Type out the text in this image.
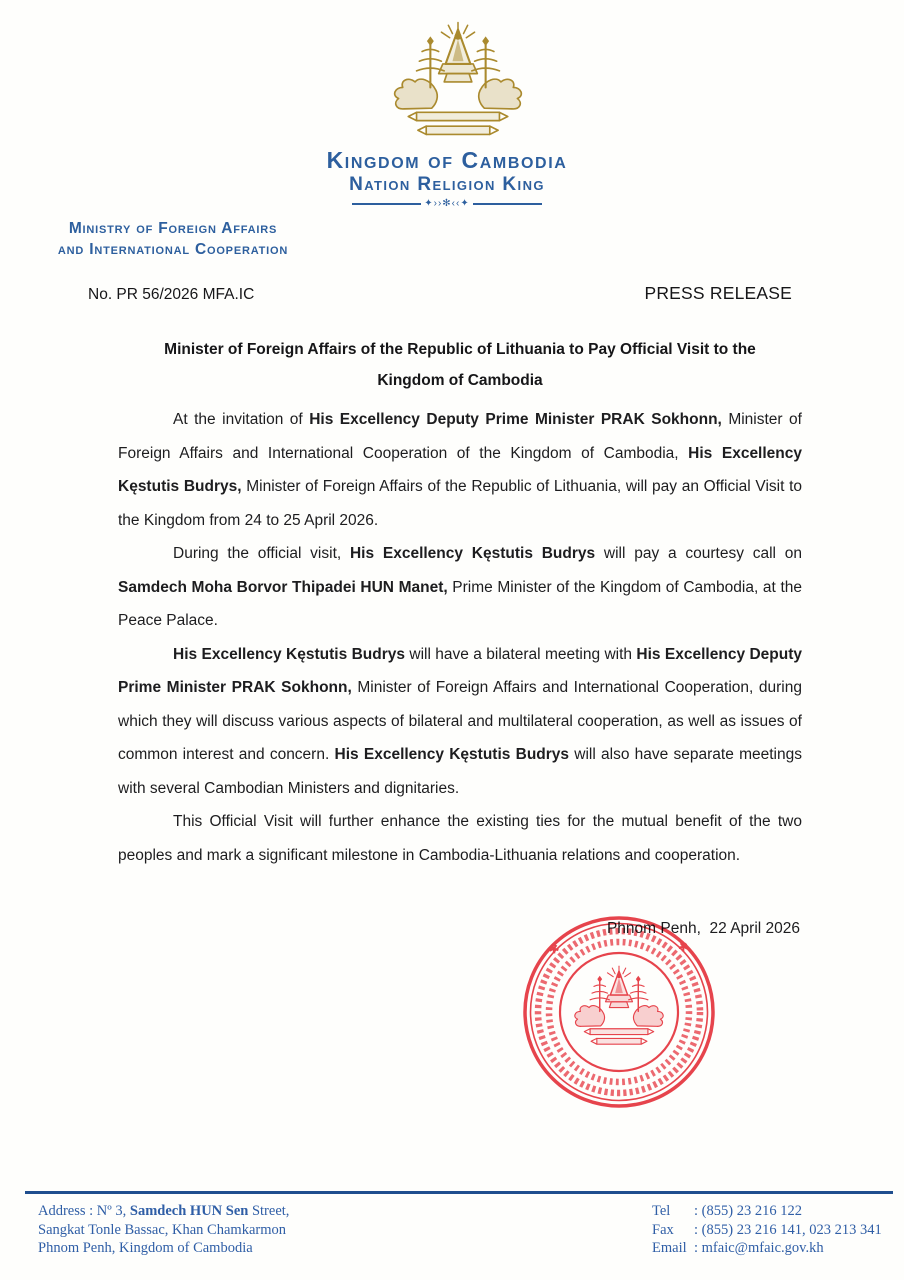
Kingdom of Cambodia
Nation Religion King
✦››✻‹‹✦
Ministry of Foreign Affairs
and International Cooperation
No. PR 56/2026 MFA.IC	PRESS RELEASE
Minister of Foreign Affairs of the Republic of Lithuania to Pay Official Visit to the
Kingdom of Cambodia

At the invitation of His Excellency Deputy Prime Minister PRAK Sokhonn, Minister of Foreign Affairs and International Cooperation of the Kingdom of Cambodia, His Excellency Kęstutis Budrys, Minister of Foreign Affairs of the Republic of Lithuania, will pay an Official Visit to the Kingdom from 24 to 25 April 2026.

During the official visit, His Excellency Kęstutis Budrys will pay a courtesy call on Samdech Moha Borvor Thipadei HUN Manet, Prime Minister of the Kingdom of Cambodia, at the Peace Palace.

His Excellency Kęstutis Budrys will have a bilateral meeting with His Excellency Deputy Prime Minister PRAK Sokhonn, Minister of Foreign Affairs and International Cooperation, during which they will discuss various aspects of bilateral and multilateral cooperation, as well as issues of common interest and concern. His Excellency Kęstutis Budrys will also have separate meetings with several Cambodian Ministers and dignitaries.

This Official Visit will further enhance the existing ties for the mutual benefit of the two peoples and mark a significant milestone in Cambodia-Lithuania relations and cooperation.

Phnom Penh,  22 April 2026
*	*
Address : Nº 3, Samdech HUN Sen Street,
Sangkat Tonle Bassac, Khan Chamkarmon
Phnom Penh, Kingdom of Cambodia
Tel : (855) 23 216 122
Fax : (855) 23 216 141, 023 213 341
Email : mfaic@mfaic.gov.kh
